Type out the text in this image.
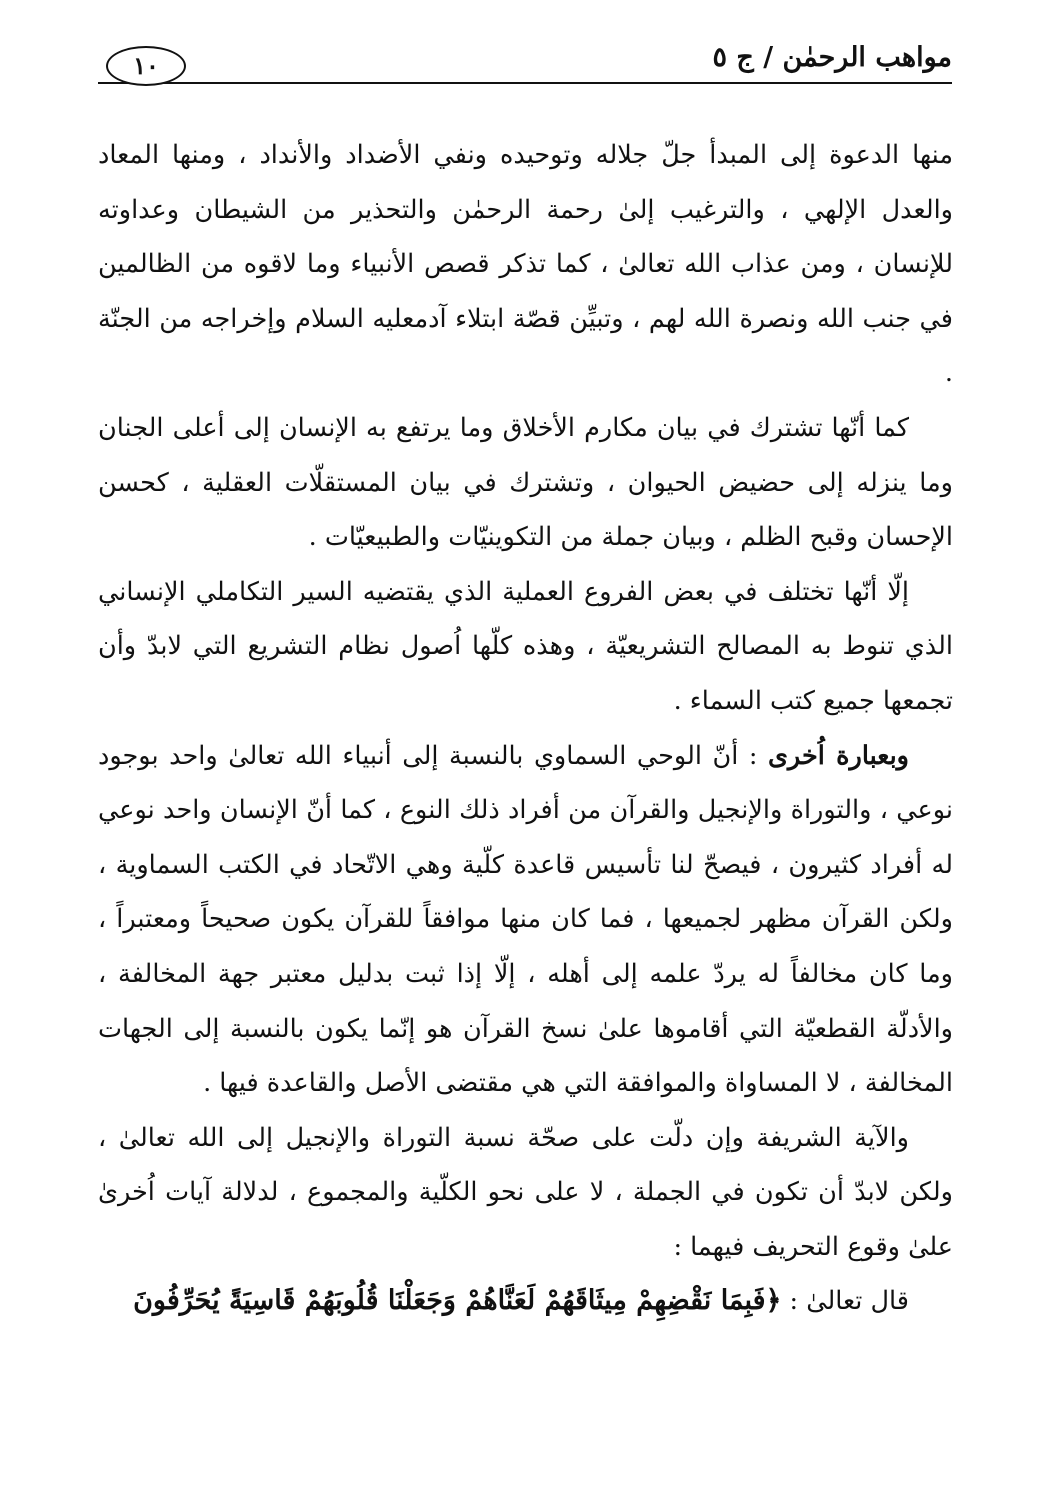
مواهب الرحمٰن / ج ٥
١٠

منها الدعوة إلى المبدأ جلّ جلاله وتوحيده ونفي الأضداد والأنداد ، ومنها المعاد والعدل الإلهي ، والترغيب إلىٰ رحمة الرحمٰن والتحذير من الشيطان وعداوته للإنسان ، ومن عذاب الله تعالىٰ ، كما تذكر قصص الأنبياء وما لاقوه من الظالمين في جنب الله ونصرة الله لهم ، وتبيِّن قصّة ابتلاء آدمعليه السلام وإخراجه من الجنّة .

كما أنّها تشترك في بيان مكارم الأخلاق وما يرتفع به الإنسان إلى أعلى الجنان وما ينزله إلى حضيض الحيوان ، وتشترك في بيان المستقلّات العقلية ، كحسن الإحسان وقبح الظلم ، وبيان جملة من التكوينيّات والطبيعيّات .

إلّا أنّها تختلف في بعض الفروع العملية الذي يقتضيه السير التكاملي الإنساني الذي تنوط به المصالح التشريعيّة ، وهذه كلّها اُصول نظام التشريع التي لابدّ وأن تجمعها جميع كتب السماء .

وبعبارة اُخرى : أنّ الوحي السماوي بالنسبة إلى أنبياء الله تعالىٰ واحد بوجود نوعي ، والتوراة والإنجيل والقرآن من أفراد ذلك النوع ، كما أنّ الإنسان واحد نوعي له أفراد كثيرون ، فيصحّ لنا تأسيس قاعدة كلّية وهي الاتّحاد في الكتب السماوية ، ولكن القرآن مظهر لجميعها ، فما كان منها موافقاً للقرآن يكون صحيحاً ومعتبراً ، وما كان مخالفاً له يردّ علمه إلى أهله ، إلّا إذا ثبت بدليل معتبر جهة المخالفة ، والأدلّة القطعيّة التي أقاموها علىٰ نسخ القرآن هو إنّما يكون بالنسبة إلى الجهات المخالفة ، لا المساواة والموافقة التي هي مقتضى الأصل والقاعدة فيها .

والآية الشريفة وإن دلّت على صحّة نسبة التوراة والإنجيل إلى الله تعالىٰ ، ولكن لابدّ أن تكون في الجملة ، لا على نحو الكلّية والمجموع ، لدلالة آيات اُخرىٰ علىٰ وقوع التحريف فيهما :

قال تعالىٰ : ﴿فَبِمَا نَقْضِهِمْ مِيثَاقَهُمْ لَعَنَّاهُمْ وَجَعَلْنَا قُلُوبَهُمْ قَاسِيَةً يُحَرِّفُونَ
